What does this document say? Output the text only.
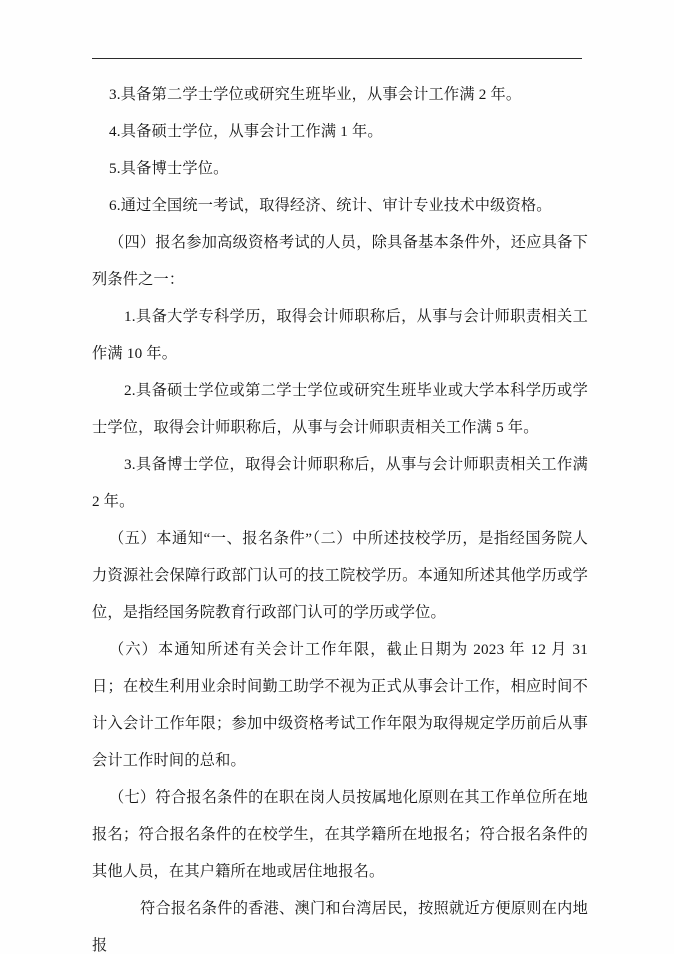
3.具备第二学士学位或研究生班毕业，从事会计工作满 2 年。

4.具备硕士学位，从事会计工作满 1 年。

5.具备博士学位。

6.通过全国统一考试，取得经济、统计、审计专业技术中级资格。

（四）报名参加高级资格考试的人员，除具备基本条件外，还应具备下列条件之一：

1.具备大学专科学历，取得会计师职称后，从事与会计师职责相关工作满 10 年。

2.具备硕士学位或第二学士学位或研究生班毕业或大学本科学历或学士学位，取得会计师职称后，从事与会计师职责相关工作满 5 年。

3.具备博士学位，取得会计师职称后，从事与会计师职责相关工作满 2 年。

（五）本通知“一、报名条件”（二）中所述技校学历，是指经国务院人力资源社会保障行政部门认可的技工院校学历。本通知所述其他学历或学位，是指经国务院教育行政部门认可的学历或学位。

（六）本通知所述有关会计工作年限，截止日期为 2023 年 12 月 31 日；在校生利用业余时间勤工助学不视为正式从事会计工作，相应时间不计入会计工作年限；参加中级资格考试工作年限为取得规定学历前后从事会计工作时间的总和。

（七）符合报名条件的在职在岗人员按属地化原则在其工作单位所在地报名；符合报名条件的在校学生，在其学籍所在地报名；符合报名条件的其他人员，在其户籍所在地或居住地报名。

符合报名条件的香港、澳门和台湾居民，按照就近方便原则在内地报
